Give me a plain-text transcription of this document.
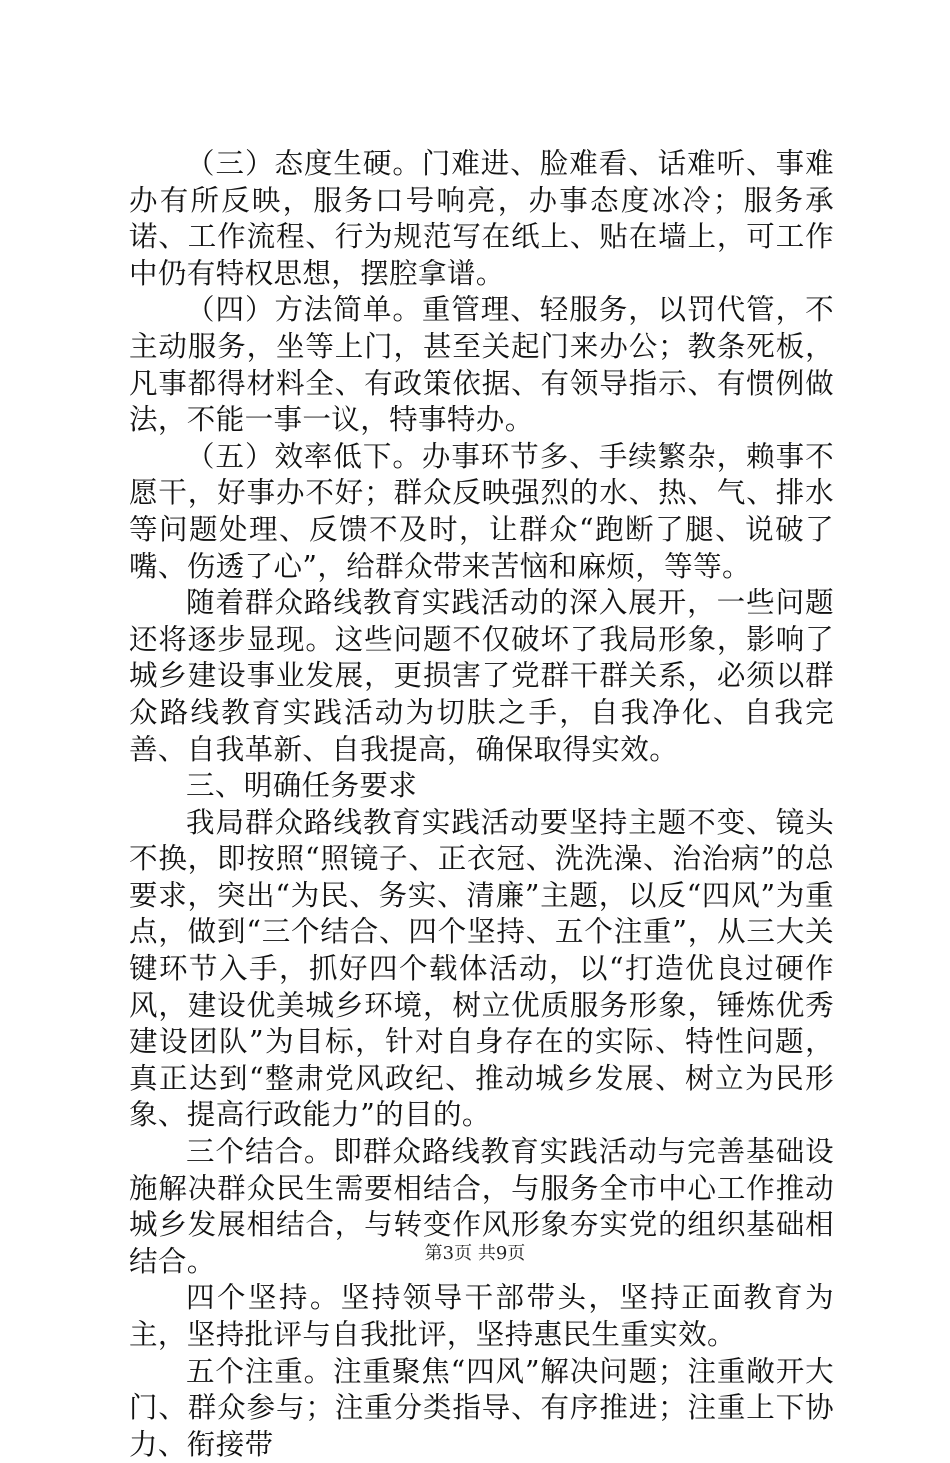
（三）态度生硬。门难进、脸难看、话难听、事难办有所反映，服务口号响亮，办事态度冰冷；服务承诺、工作流程、行为规范写在纸上、贴在墙上，可工作中仍有特权思想，摆腔拿谱。

（四）方法简单。重管理、轻服务，以罚代管，不主动服务，坐等上门，甚至关起门来办公；教条死板，凡事都得材料全、有政策依据、有领导指示、有惯例做法，不能一事一议，特事特办。

（五）效率低下。办事环节多、手续繁杂，赖事不愿干，好事办不好；群众反映强烈的水、热、气、排水等问题处理、反馈不及时，让群众“跑断了腿、说破了嘴、伤透了心”，给群众带来苦恼和麻烦，等等。

随着群众路线教育实践活动的深入展开，一些问题还将逐步显现。这些问题不仅破坏了我局形象，影响了城乡建设事业发展，更损害了党群干群关系，必须以群众路线教育实践活动为切肤之手，自我净化、自我完善、自我革新、自我提高，确保取得实效。

三、明确任务要求

我局群众路线教育实践活动要坚持主题不变、镜头不换，即按照“照镜子、正衣冠、洗洗澡、治治病”的总要求，突出“为民、务实、清廉”主题，以反“四风”为重点，做到“三个结合、四个坚持、五个注重”，从三大关键环节入手，抓好四个载体活动，以“打造优良过硬作风，建设优美城乡环境，树立优质服务形象，锤炼优秀建设团队”为目标，针对自身存在的实际、特性问题，真正达到“整肃党风政纪、推动城乡发展、树立为民形象、提高行政能力”的目的。

三个结合。即群众路线教育实践活动与完善基础设施解决群众民生需要相结合，与服务全市中心工作推动城乡发展相结合，与转变作风形象夯实党的组织基础相结合。

四个坚持。坚持领导干部带头，坚持正面教育为主，坚持批评与自我批评，坚持惠民生重实效。

五个注重。注重聚焦“四风”解决问题；注重敞开大门、群众参与；注重分类指导、有序推进；注重上下协力、衔接带

第3页 共9页
